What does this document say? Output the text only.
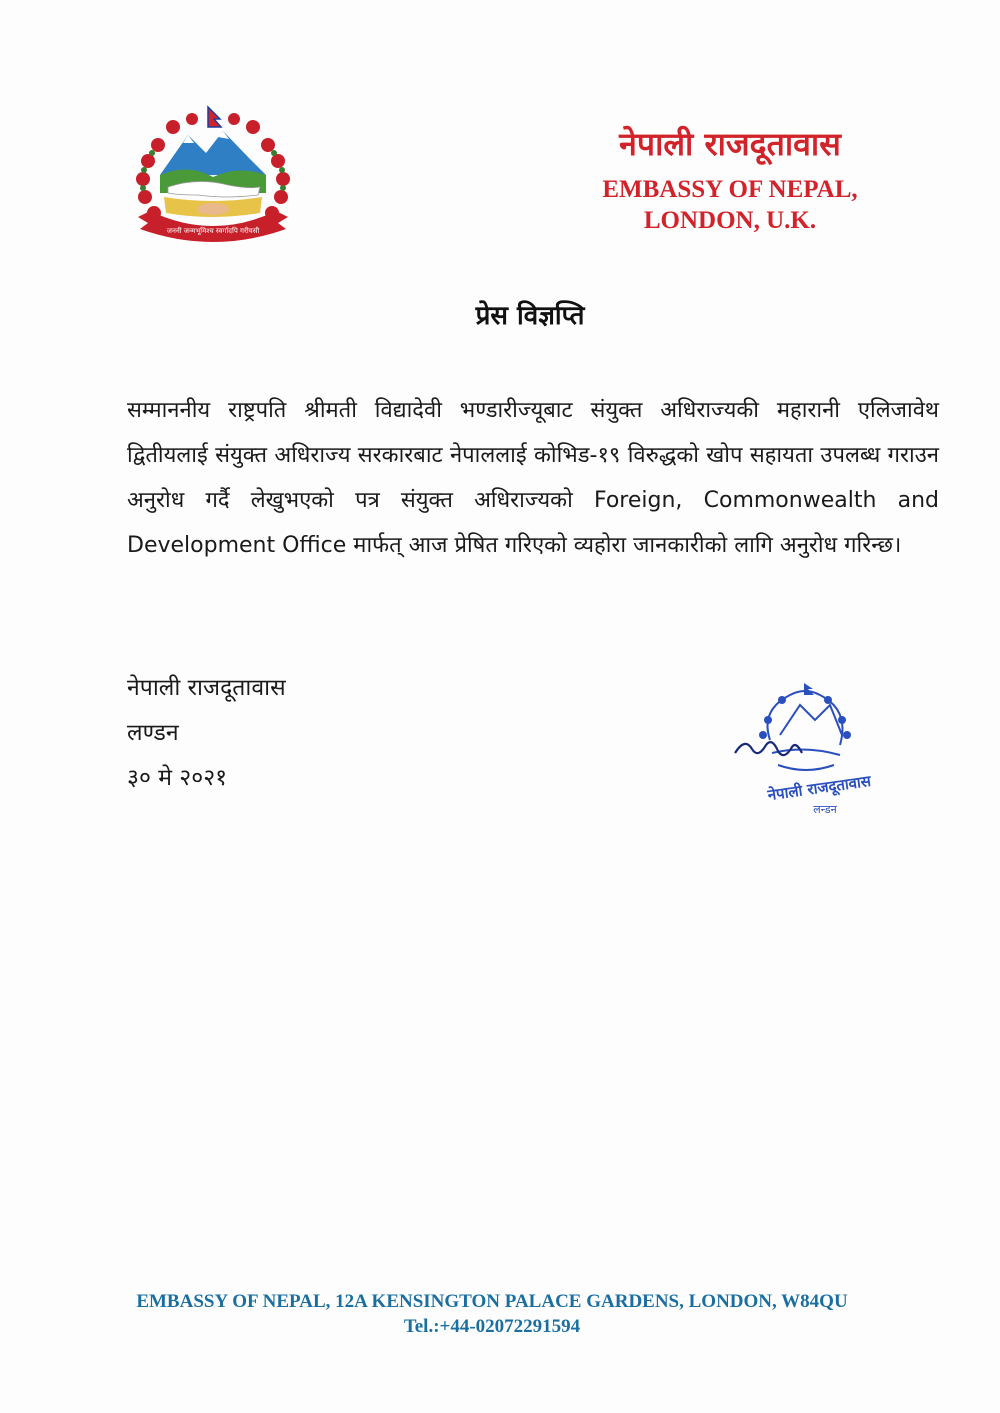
जननी जन्मभूमिश्च स्वर्गादपि गरीयसी
नेपाली राजदूतावास
EMBASSY OF NEPAL,
LONDON, U.K.
प्रेस विज्ञप्ति
सम्माननीय राष्ट्रपति श्रीमती विद्यादेवी भण्डारीज्यूबाट संयुक्त अधिराज्यकी महारानी एलिजावेथ द्वितीयलाई संयुक्त अधिराज्य सरकारबाट नेपाललाई कोभिड-१९ विरुद्धको खोप सहायता उपलब्ध गराउन अनुरोध गर्दै लेखुभएको पत्र संयुक्त अधिराज्यको Foreign, Commonwealth and Development Office मार्फत् आज प्रेषित गरिएको व्यहोरा जानकारीको लागि अनुरोध गरिन्छ।
नेपाली राजदूतावास
लण्डन
३० मे २०२१	नेपाली राजदूतावास
लन्डन
EMBASSY OF NEPAL, 12A KENSINGTON PALACE GARDENS, LONDON, W84QU
Tel.:+44-02072291594
